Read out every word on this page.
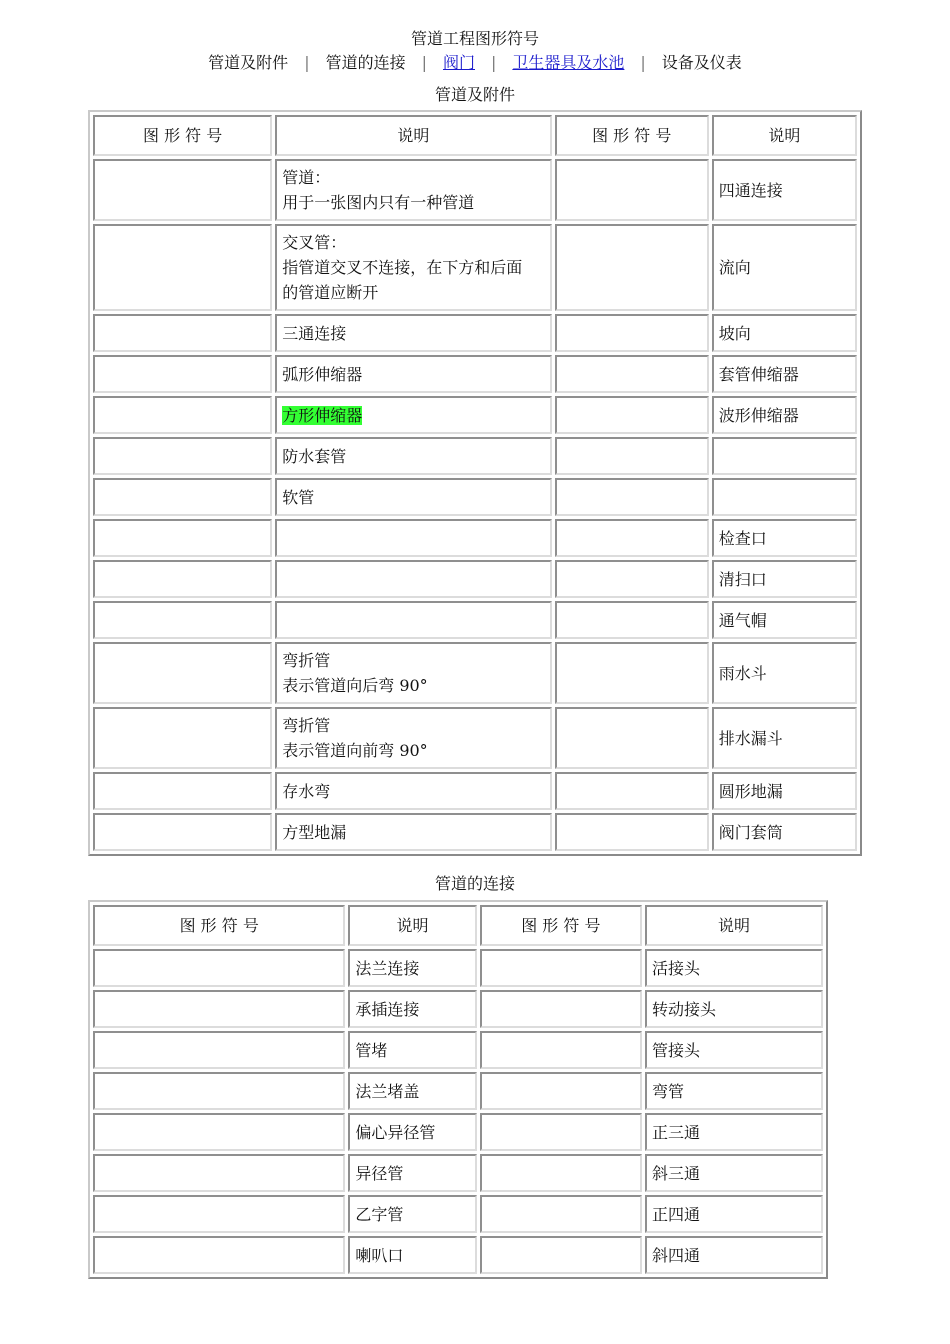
管道工程图形符号
管道及附件 | 管道的连接 | 阀门 | 卫生器具及水池 | 设备及仪表
管道及附件
图 形 符 号	说明	图 形 符 号	说明
	管道：
用于一张图内只有一种管道		四通连接
	交叉管：
指管道交叉不连接，在下方和后面
的管道应断开		流向
	三通连接		坡向
	弧形伸缩器		套管伸缩器
	方形伸缩器		波形伸缩器
	防水套管		
	软管		
			检查口
			清扫口
			通气帽
	弯折管
表示管道向后弯 90°		雨水斗
	弯折管
表示管道向前弯 90°		排水漏斗
	存水弯		圆形地漏
	方型地漏		阀门套筒
管道的连接
图 形 符 号	说明	图 形 符 号	说明
	法兰连接		活接头
	承插连接		转动接头
	管堵		管接头
	法兰堵盖		弯管
	偏心异径管		正三通
	异径管		斜三通
	乙字管		正四通
	喇叭口		斜四通
